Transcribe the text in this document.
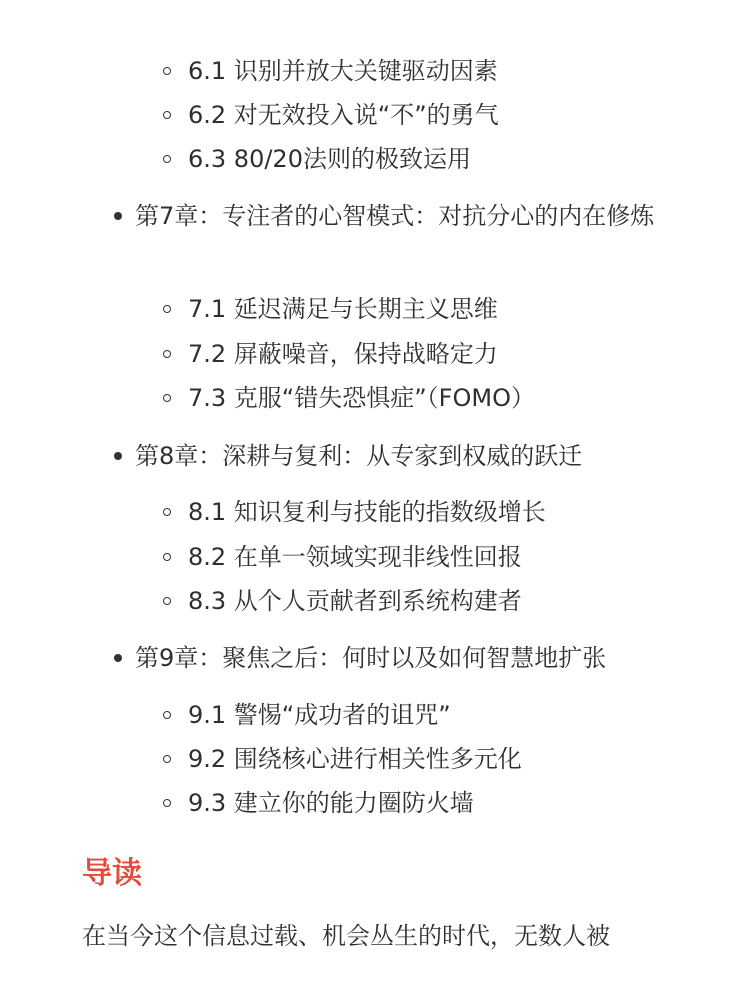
6.1 识别并放大关键驱动因素
6.2 对无效投入说“不”的勇气
6.3 80/20法则的极致运用
第7章：专注者的心智模式：对抗分心的内在修炼
7.1 延迟满足与长期主义思维
7.2 屏蔽噪音，保持战略定力
7.3 克服“错失恐惧症”（FOMO）
第8章：深耕与复利：从专家到权威的跃迁
8.1 知识复利与技能的指数级增长
8.2 在单一领域实现非线性回报
8.3 从个人贡献者到系统构建者
第9章：聚焦之后：何时以及如何智慧地扩张
9.1 警惕“成功者的诅咒”
9.2 围绕核心进行相关性多元化
9.3 建立你的能力圈防火墙
导读
在当今这个信息过载、机会丛生的时代，无数人被
